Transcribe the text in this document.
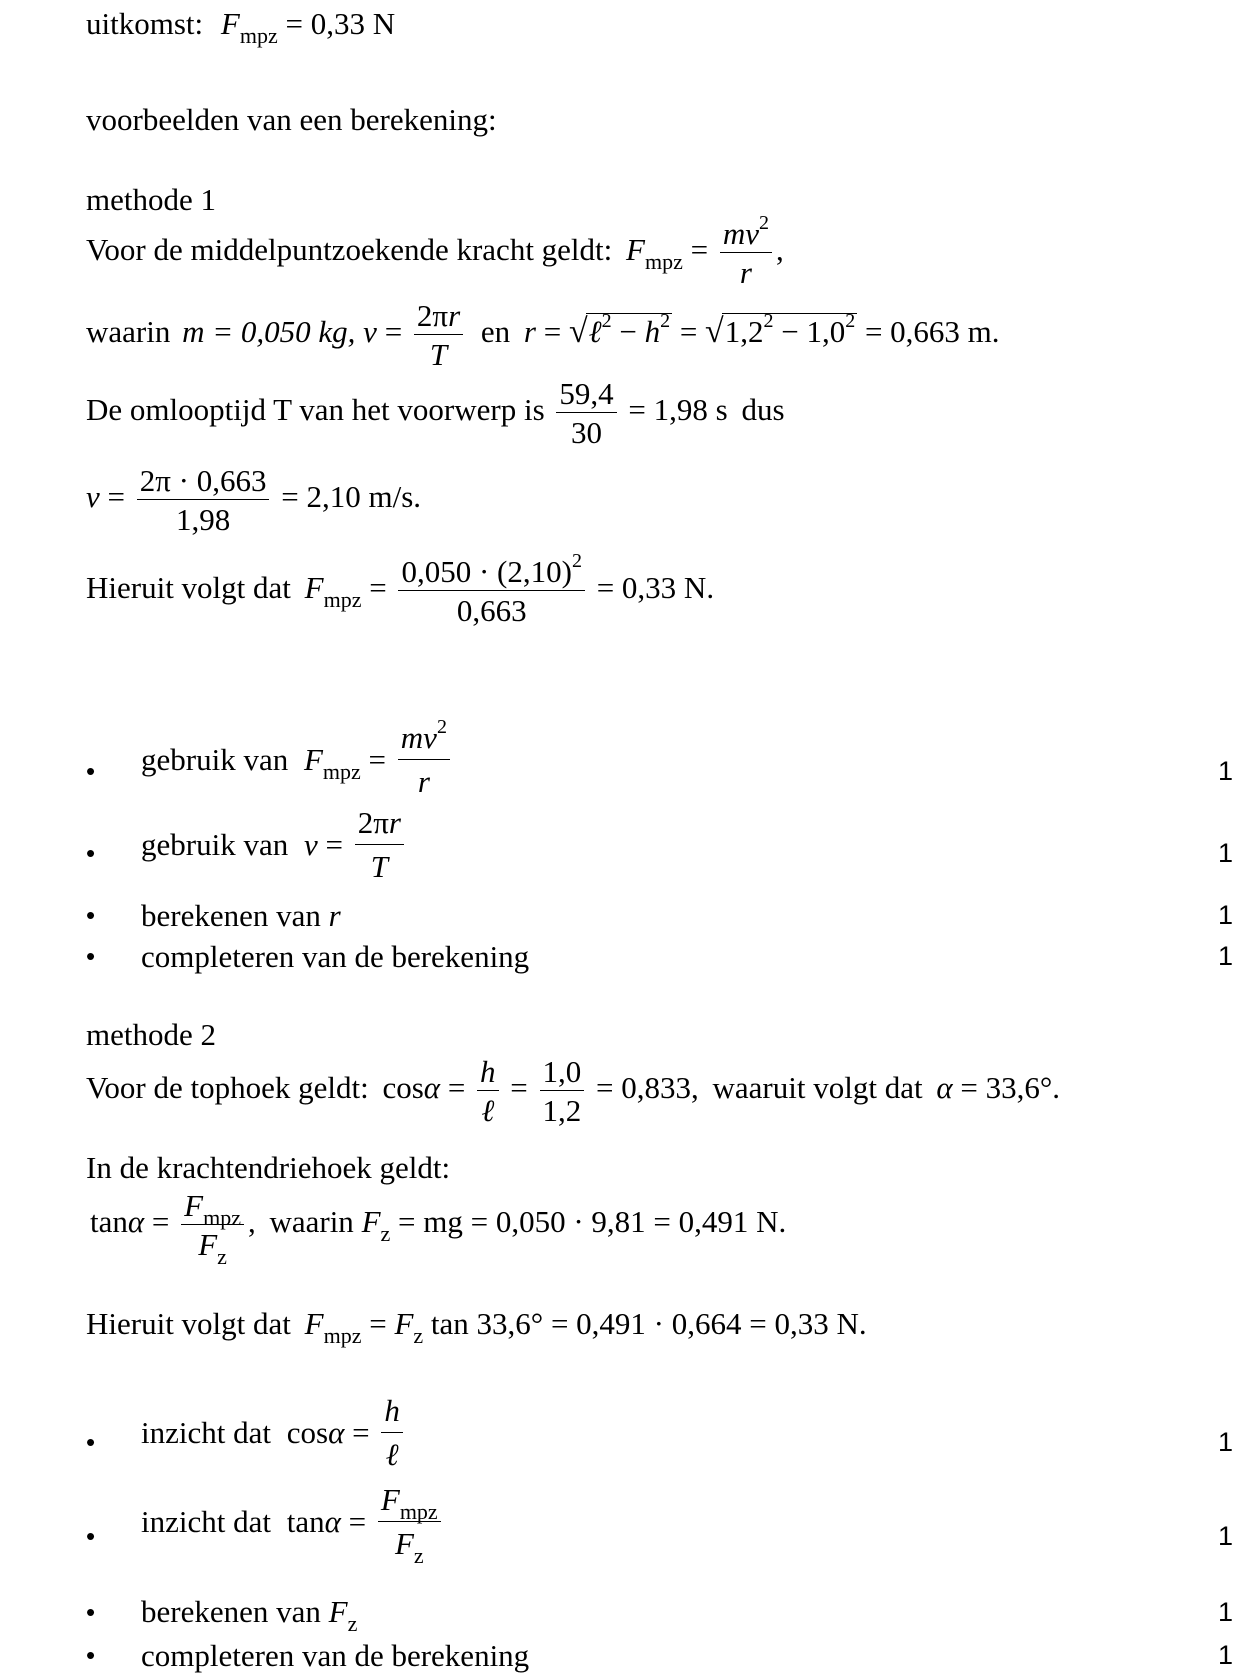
uitkomst: $F_{mpz} = 0,33$ N
voorbeelden van een berekening:
methode 1
Voor de middelpuntzoekende kracht geldt: $F_{mpz} = \frac{mv^2}{r}$ ,
waarin m = 0,050 kg, $v = \frac{2\pi r}{T}$ en r = √ℓ$^2$ − $h^2 = √1,2^2 - 1,0^2 = 0,663$ m.
De omlooptijd T van het voorwerp is $\frac{59,4}{30} = 1,98$ s dus
$v = \frac{2\pi \cdot 0,663}{1,98} = 2,10$ m/s.
Hieruit volgt dat $F_{mpz} = \frac{0,050 \cdot (2,10)^2}{0,663} = 0,33$ N.
• gebruik van $F_{mpz} = \frac{mv^2}{r}$	1
• gebruik van $v = \frac{2\pi r}{T}$	1
• berekenen van r	1
• completeren van de berekening	1
methode 2
Voor de tophoek geldt: $\cos\alpha = \frac{h}{\text{ℓ}} = \frac{1,0}{1,2} = 0,833$, waaruit volgt dat α = 33,6°.
In de krachtendriehoek geldt:
$\tan\alpha = \frac{F_{mpz}}{F_z}$ , waarin $F_z$ = mg = 0,050 · 9,81 = 0,491 N.
Hieruit volgt dat $F_{mpz} = F_z$ tan 33,6° = 0,491 · 0,664 = 0,33 N.
• inzicht dat $\cos\alpha = \frac{h}{\text{ℓ}}$	1
• inzicht dat $\tan\alpha = \frac{F_{mpz}}{F_z}$	1
• berekenen van $F_z$	1
• completeren van de berekening	1
